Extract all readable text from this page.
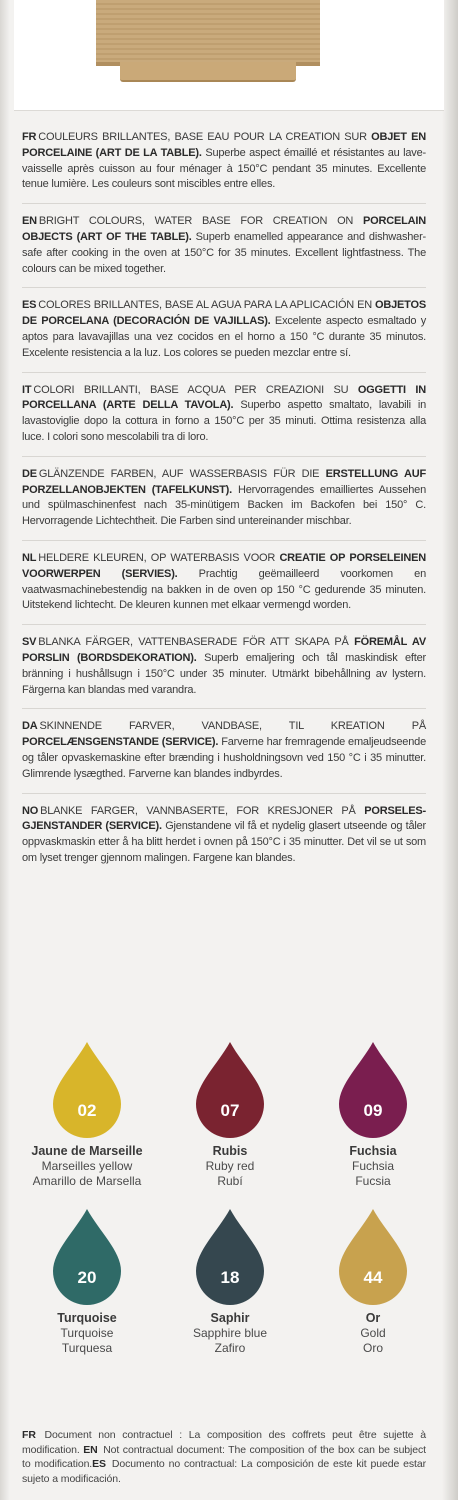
FR COULEURS BRILLANTES, BASE EAU POUR LA CREATION SUR OBJET EN PORCELAINE (ART DE LA TABLE). Superbe aspect émaillé et résistantes au lave-vaisselle après cuisson au four ménager à 150°C pendant 35 minutes. Excellente tenue lumière. Les couleurs sont miscibles entre elles.
EN BRIGHT COLOURS, WATER BASE FOR CREATION ON PORCELAIN OBJECTS (ART OF THE TABLE). Superb enamelled appearance and dishwasher-safe after cooking in the oven at 150°C for 35 minutes. Excellent lightfastness. The colours can be mixed together.
ES COLORES BRILLANTES, BASE AL AGUA PARA LA APLICACIÓN EN OBJETOS DE PORCELANA (DECORACIÓN DE VAJILLAS). Excelente aspecto esmaltado y aptos para lavavajillas una vez cocidos en el horno a 150 °C durante 35 minutos. Excelente resistencia a la luz. Los colores se pueden mezclar entre sí.
IT COLORI BRILLANTI, BASE ACQUA PER CREAZIONI SU OGGETTI IN PORCELLANA (ARTE DELLA TAVOLA). Superbo aspetto smaltato, lavabili in lavastoviglie dopo la cottura in forno a 150°C per 35 minuti. Ottima resistenza alla luce. I colori sono mescolabili tra di loro.
DE GLÄNZENDE FARBEN, AUF WASSERBASIS FÜR DIE ERSTELLUNG AUF PORZELLANOBJEKTEN (TAFELKUNST). Hervorragendes emailliertes Aussehen und spülmaschinenfest nach 35-minütigem Backen im Backofen bei 150° C. Hervorragende Lichtechtheit. Die Farben sind untereinander mischbar.
NL HELDERE KLEUREN, OP WATERBASIS VOOR CREATIE OP PORSELEINEN VOORWERPEN (SERVIES). Prachtig geëmailleerd voorkomen en vaatwasmachinebestendig na bakken in de oven op 150 °C gedurende 35 minuten. Uitstekend lichtecht. De kleuren kunnen met elkaar vermengd worden.
SV BLANKA FÄRGER, VATTENBASERADE FÖR ATT SKAPA PÅ FÖREMÅL AV PORSLIN (BORDSDEKORATION). Superb emaljering och tål maskindisk efter bränning i hushållsugn i 150°C under 35 minuter. Utmärkt bibehållning av lystern. Färgerna kan blandas med varandra.
DA SKINNENDE FARVER, VANDBASE, TIL KREATION PÅ PORCELÆNSGENSTANDE (SERVICE). Farverne har fremragende emaljeudseende og tåler opvaskemaskine efter brænding i husholdningsovn ved 150 °C i 35 minutter. Glimrende lysægthed. Farverne kan blandes indbyrdes.
NO BLANKE FARGER, VANNBASERTE, FOR KRESJONER PÅ PORSELES-GJENSTANDER (SERVICE). Gjenstandene vil få et nydelig glasert utseende og tåler oppvaskmaskin etter å ha blitt herdet i ovnen på 150°C i 35 minutter. Det vil se ut som om lyset trenger gjennom malingen. Fargene kan blandes.
02
Jaune de Marseille
Marseilles yellow
Amarillo de Marsella
07
Rubis
Ruby red
Rubí
09
Fuchsia
Fuchsia
Fucsia
20
Turquoise
Turquoise
Turquesa
18
Saphir
Sapphire blue
Zafiro
44
Or
Gold
Oro
FR Document non contractuel : La composition des coffrets peut être sujette à modification. EN Not contractual document: The composition of the box can be subject to modification.ES Documento no contractual: La composición de este kit puede estar sujeto a modificación.
